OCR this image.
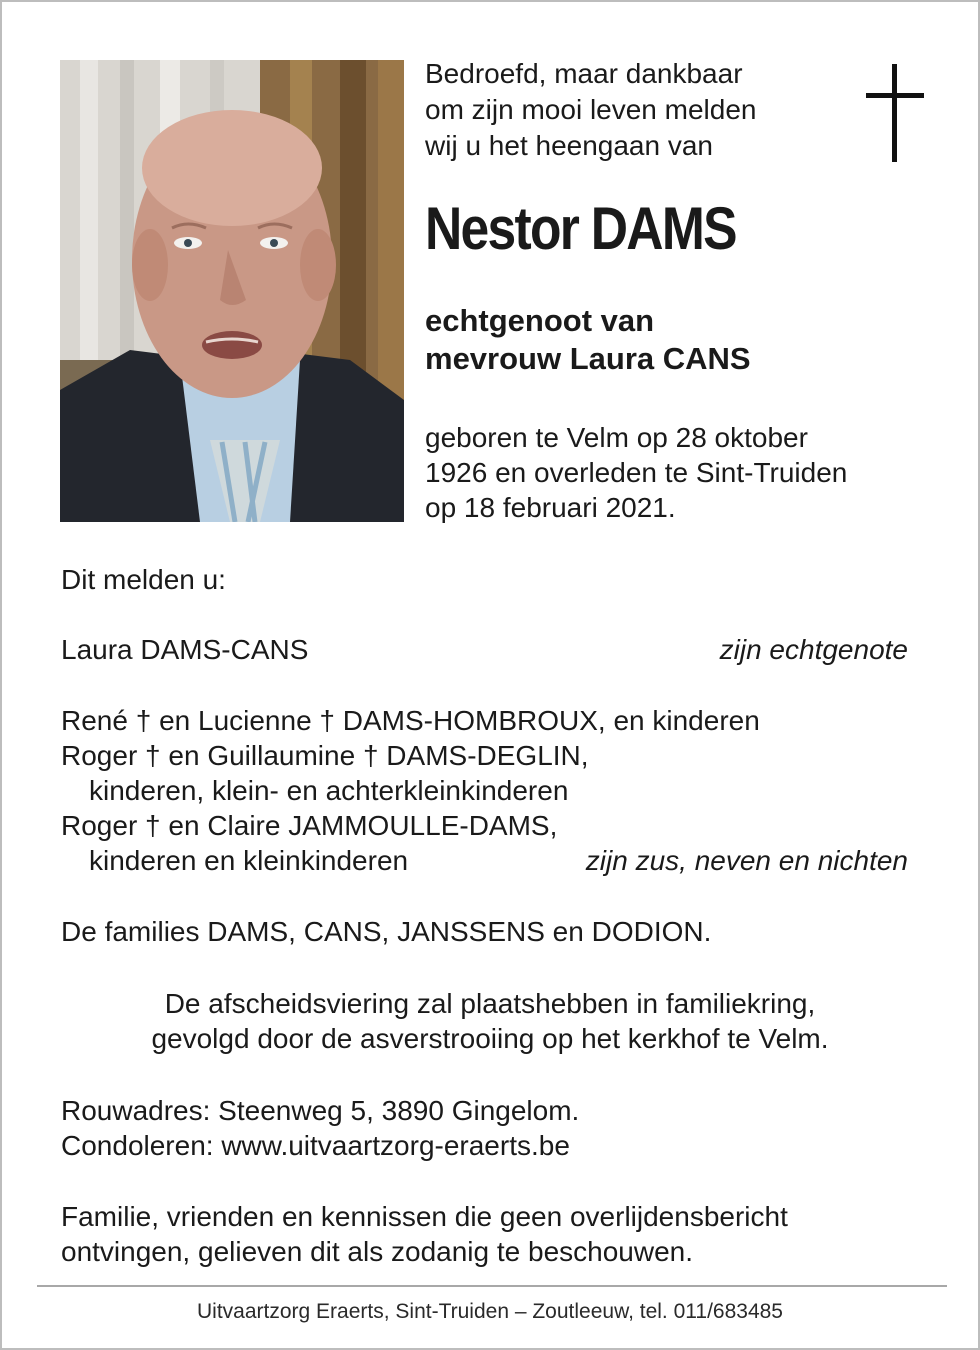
Bedroefd, maar dankbaar
om zijn mooi leven melden
wij u het heengaan van
Nestor DAMS
echtgenoot van
mevrouw Laura CANS
geboren te Velm op 28 oktober
1926 en overleden te Sint-Truiden
op 18 februari 2021.
Dit melden u:
Laura DAMS-CANS	zijn echtgenote
René † en Lucienne † DAMS-HOMBROUX, en kinderen
Roger † en Guillaumine † DAMS-DEGLIN,
kinderen, klein- en achterkleinkinderen
Roger † en Claire JAMMOULLE-DAMS,
kinderen en kleinkinderen	zijn zus, neven en nichten
De families DAMS, CANS, JANSSENS en DODION.
De afscheidsviering zal plaatshebben in familiekring,
gevolgd door de asverstrooiing op het kerkhof te Velm.
Rouwadres: Steenweg 5, 3890 Gingelom.
Condoleren: www.uitvaartzorg-eraerts.be
Familie, vrienden en kennissen die geen overlijdensbericht
ontvingen, gelieven dit als zodanig te beschouwen.
Uitvaartzorg Eraerts, Sint-Truiden – Zoutleeuw, tel. 011/683485
